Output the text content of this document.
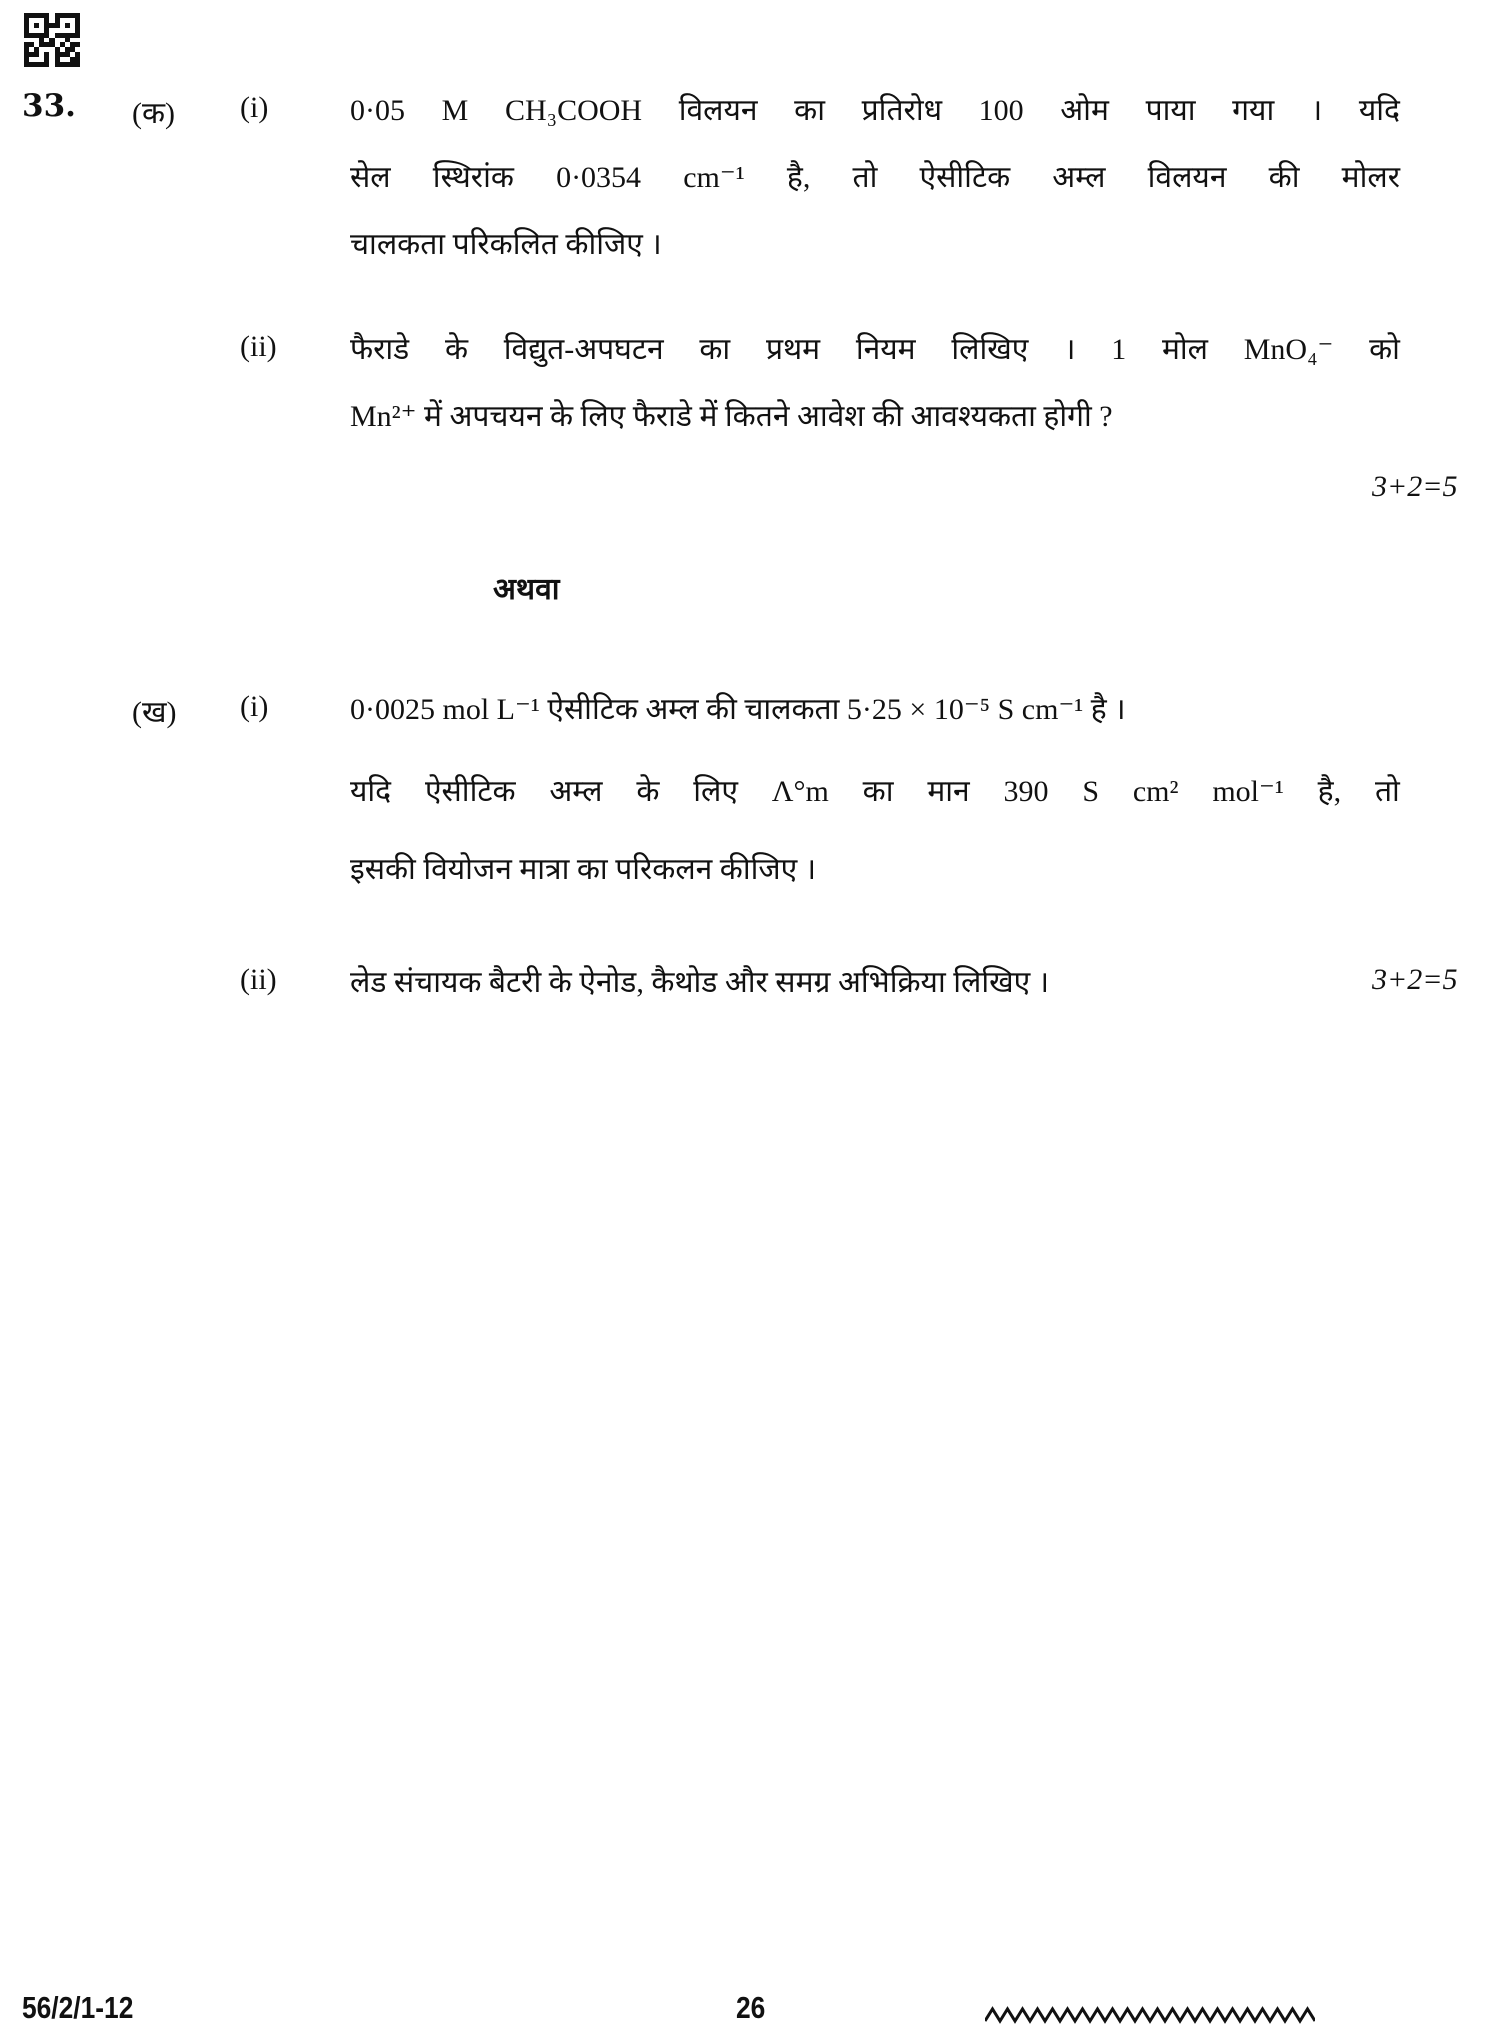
33. (क) (i)	0·05 M CH₃COOH विलयन का प्रतिरोध 100 ओम पाया गया । यदि
सेल स्थिरांक 0·0354 cm⁻¹ है, तो ऐसीटिक अम्ल विलयन की मोलर
चालकता परिकलित कीजिए ।
(ii) फैराडे के विद्युत-अपघटन का प्रथम नियम लिखिए । 1 मोल MnO₄⁻ को
Mn²⁺ में अपचयन के लिए फैराडे में कितने आवेश की आवश्यकता होगी ?
3+2=5
अथवा
(ख) (i)	0·0025 mol L⁻¹ ऐसीटिक अम्ल की चालकता 5·25 × 10⁻⁵ S cm⁻¹ है ।
यदि ऐसीटिक अम्ल के लिए Λ°m का मान 390 S cm² mol⁻¹ है, तो
इसकी वियोजन मात्रा का परिकलन कीजिए ।
(ii) लेड संचायक बैटरी के ऐनोड, कैथोड और समग्र अभिक्रिया लिखिए ।	3+2=5
56/2/1-12	26
